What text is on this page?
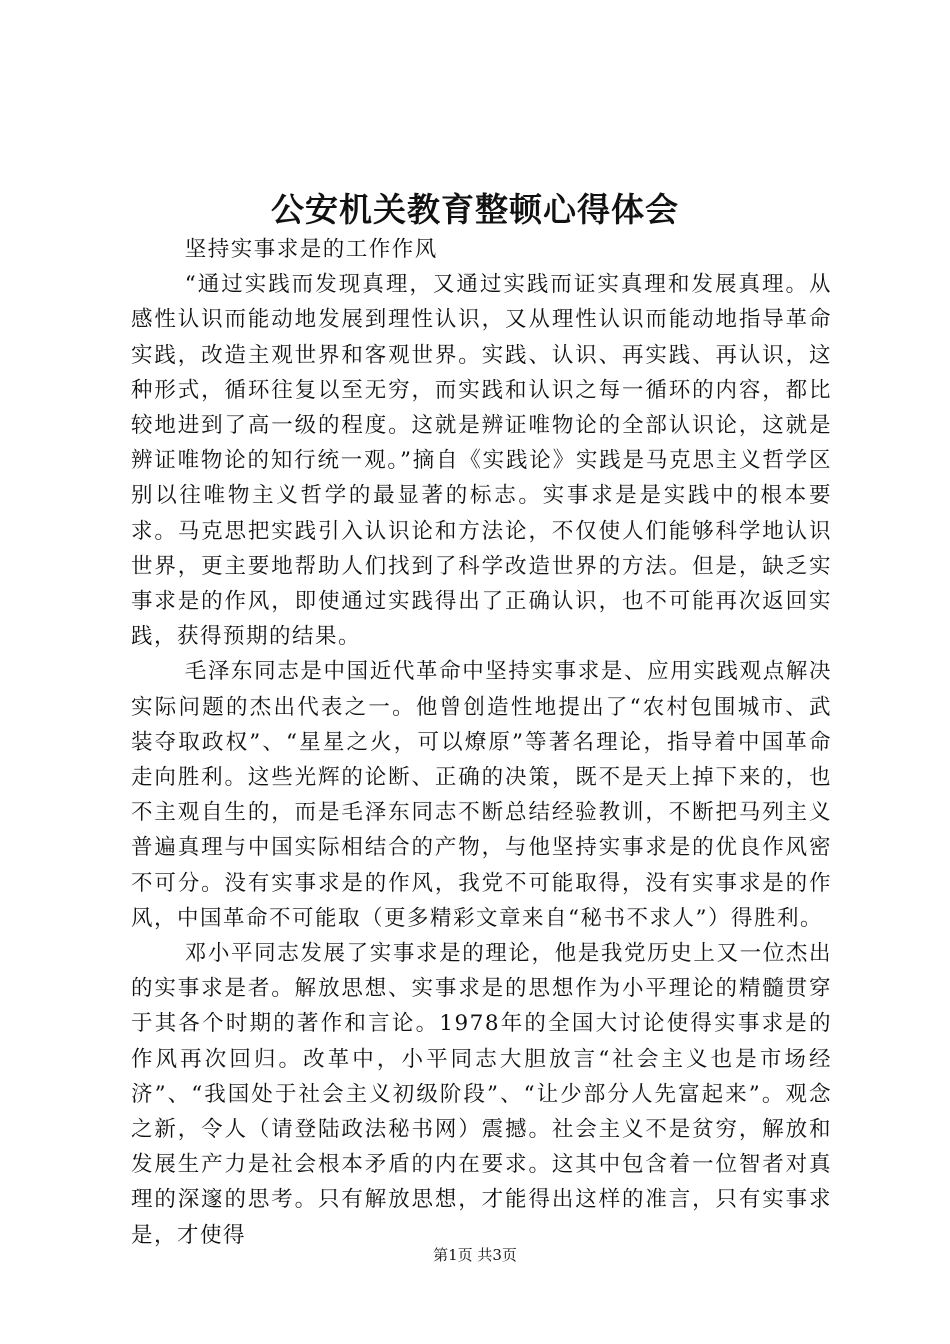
公安机关教育整顿心得体会

坚持实事求是的工作作风

“通过实践而发现真理，又通过实践而证实真理和发展真理。从感性认识而能动地发展到理性认识，又从理性认识而能动地指导革命实践，改造主观世界和客观世界。实践、认识、再实践、再认识，这种形式，循环往复以至无穷，而实践和认识之每一循环的内容，都比较地进到了高一级的程度。这就是辨证唯物论的全部认识论，这就是辨证唯物论的知行统一观。”摘自《实践论》实践是马克思主义哲学区别以往唯物主义哲学的最显著的标志。实事求是是实践中的根本要求。马克思把实践引入认识论和方法论，不仅使人们能够科学地认识世界，更主要地帮助人们找到了科学改造世界的方法。但是，缺乏实事求是的作风，即使通过实践得出了正确认识，也不可能再次返回实践，获得预期的结果。

毛泽东同志是中国近代革命中坚持实事求是、应用实践观点解决实际问题的杰出代表之一。他曾创造性地提出了“农村包围城市、武装夺取政权”、“星星之火，可以燎原”等著名理论，指导着中国革命走向胜利。这些光辉的论断、正确的决策，既不是天上掉下来的，也不主观自生的，而是毛泽东同志不断总结经验教训，不断把马列主义普遍真理与中国实际相结合的产物，与他坚持实事求是的优良作风密不可分。没有实事求是的作风，我党不可能取得，没有实事求是的作风，中国革命不可能取（更多精彩文章来自“秘书不求人”）得胜利。

邓小平同志发展了实事求是的理论，他是我党历史上又一位杰出的实事求是者。解放思想、实事求是的思想作为小平理论的精髓贯穿于其各个时期的著作和言论。1978年的全国大讨论使得实事求是的作风再次回归。改革中，小平同志大胆放言“社会主义也是市场经济”、“我国处于社会主义初级阶段”、“让少部分人先富起来”。观念之新，令人（请登陆政法秘书网）震撼。社会主义不是贫穷，解放和发展生产力是社会根本矛盾的内在要求。这其中包含着一位智者对真理的深邃的思考。只有解放思想，才能得出这样的准言，只有实事求是，才使得

第1页 共3页
